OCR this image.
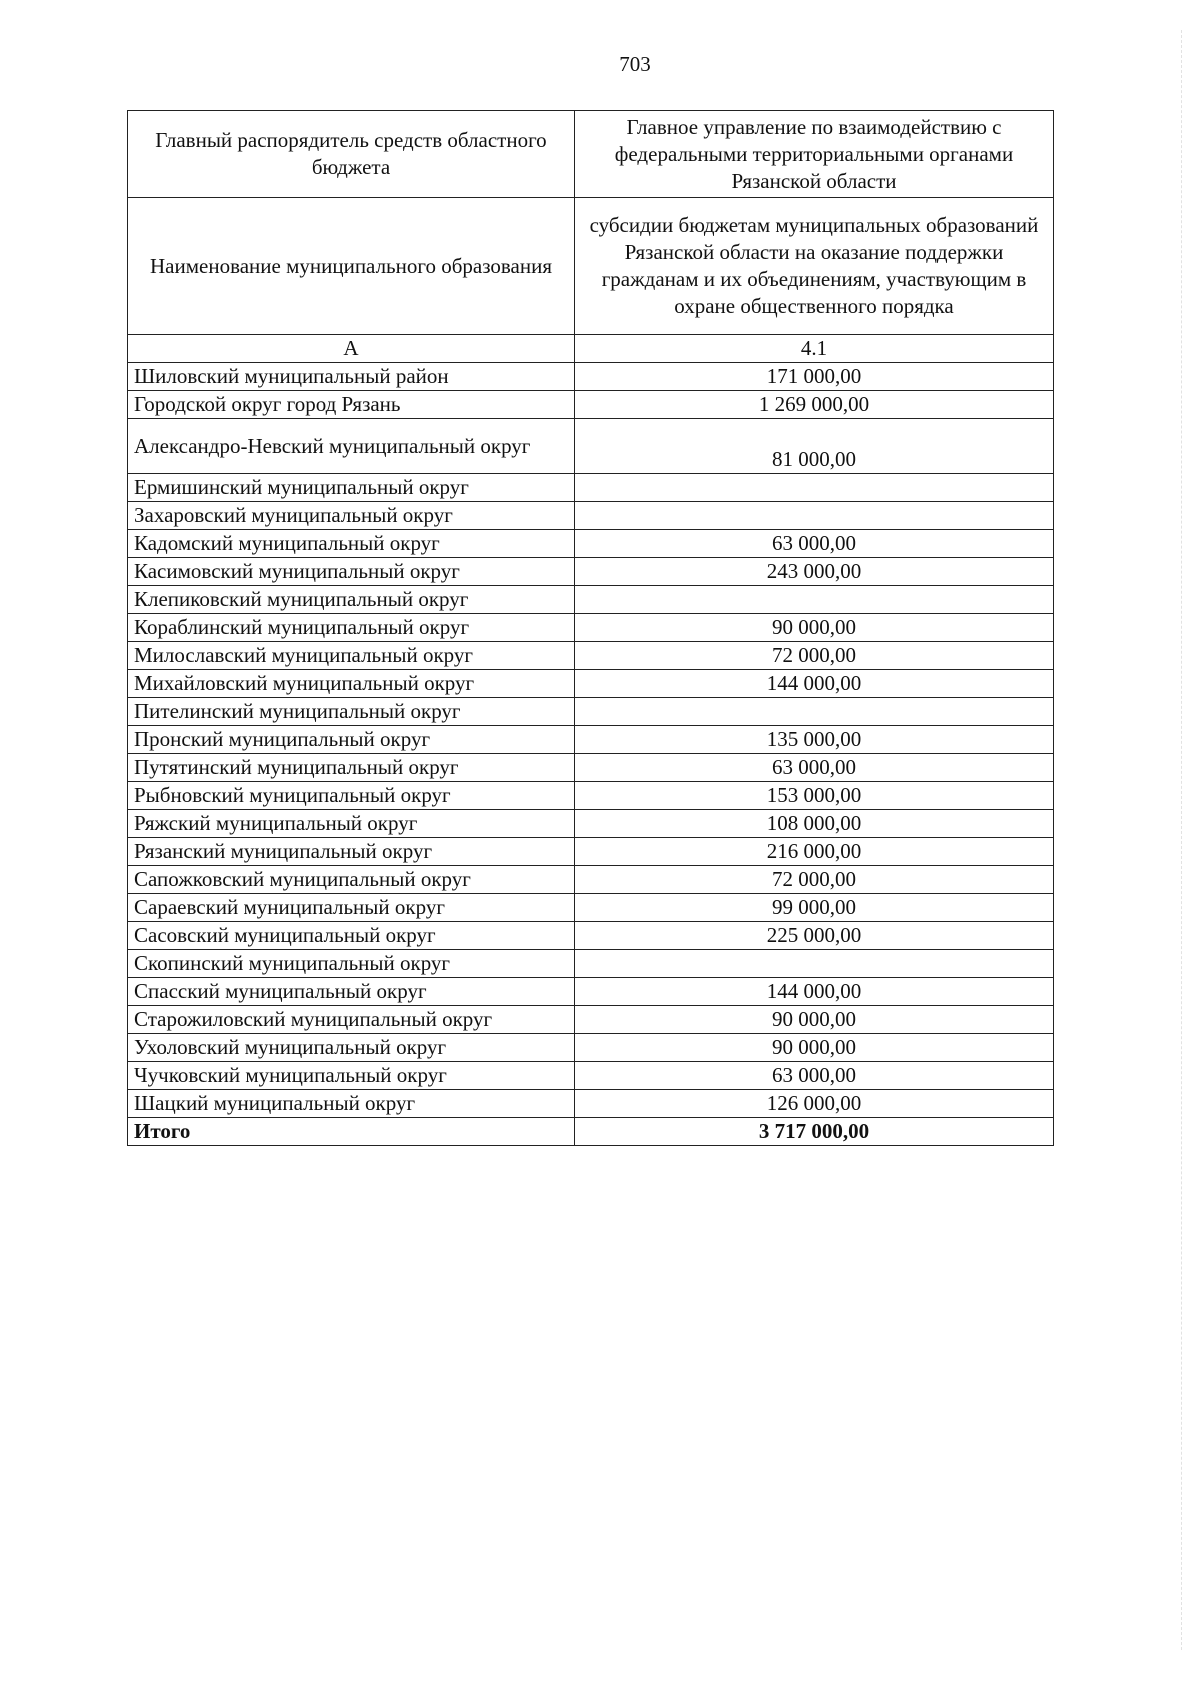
703
Главный распорядитель средств областного бюджета	Главное управление по взаимодействию с федеральными территориальными органами Рязанской области
Наименование муниципального образования	субсидии бюджетам муниципальных образований Рязанской области на оказание поддержки гражданам и их объединениям, участвующим в охране общественного порядка
А	4.1
Шиловский муниципальный район	171 000,00
Городской округ город Рязань	1 269 000,00
Александро-Невский муниципальный округ	81 000,00
Ермишинский муниципальный округ	
Захаровский муниципальный округ	
Кадомский муниципальный округ	63 000,00
Касимовский муниципальный округ	243 000,00
Клепиковский муниципальный округ	
Кораблинский муниципальный округ	90 000,00
Милославский муниципальный округ	72 000,00
Михайловский муниципальный округ	144 000,00
Пителинский муниципальный округ	
Пронский муниципальный округ	135 000,00
Путятинский муниципальный округ	63 000,00
Рыбновский муниципальный округ	153 000,00
Ряжский муниципальный округ	108 000,00
Рязанский муниципальный округ	216 000,00
Сапожковский муниципальный округ	72 000,00
Сараевский муниципальный округ	99 000,00
Сасовский муниципальный округ	225 000,00
Скопинский муниципальный округ	
Спасский муниципальный округ	144 000,00
Старожиловский муниципальный округ	90 000,00
Ухоловский муниципальный округ	90 000,00
Чучковский муниципальный округ	63 000,00
Шацкий муниципальный округ	126 000,00
Итого	3 717 000,00
